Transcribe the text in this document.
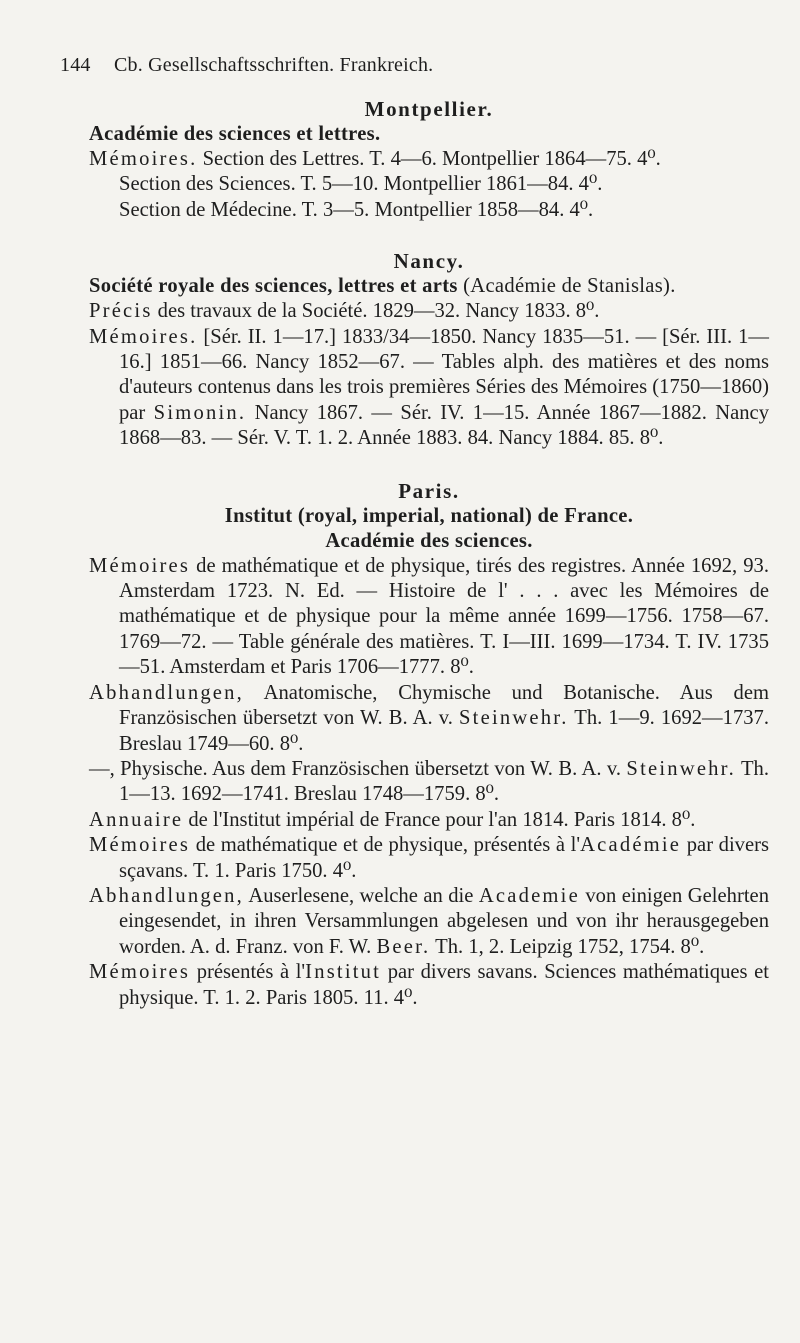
144 Cb. Gesellschaftsschriften. Frankreich.

Montpellier.

Académie des sciences et lettres.

Mémoires. Section des Lettres. T. 4—6. Montpellier 1864—75. 4⁰.

Section des Sciences. T. 5—10. Montpellier 1861—84. 4⁰.

Section de Médecine. T. 3—5. Montpellier 1858—84. 4⁰.

Nancy.

Société royale des sciences, lettres et arts (Académie de Stanislas).

Précis des travaux de la Société. 1829—32. Nancy 1833. 8⁰.

Mémoires. [Sér. II. 1—17.] 1833/34—1850. Nancy 1835—51. — [Sér. III. 1—16.] 1851—66. Nancy 1852—67. — Tables alph. des matières et des noms d'auteurs contenus dans les trois premières Séries des Mémoires (1750—1860) par Simonin. Nancy 1867. — Sér. IV. 1—15. Année 1867—1882. Nancy 1868—83. — Sér. V. T. 1. 2. Année 1883. 84. Nancy 1884. 85. 8⁰.

Paris.

Institut (royal, imperial, national) de France.

Académie des sciences.

Mémoires de mathématique et de physique, tirés des registres. Année 1692, 93. Amsterdam 1723. N. Ed. — Histoire de l' . . . avec les Mémoires de mathématique et de physique pour la même année 1699—1756. 1758—67. 1769—72. — Table générale des matières. T. I—III. 1699—1734. T. IV. 1735—51. Amsterdam et Paris 1706—1777. 8⁰.

Abhandlungen, Anatomische, Chymische und Botanische. Aus dem Französischen übersetzt von W. B. A. v. Steinwehr. Th. 1—9. 1692—1737. Breslau 1749—60. 8⁰.

—, Physische. Aus dem Französischen übersetzt von W. B. A. v. Steinwehr. Th. 1—13. 1692—1741. Breslau 1748—1759. 8⁰.

Annuaire de l'Institut impérial de France pour l'an 1814. Paris 1814. 8⁰.

Mémoires de mathématique et de physique, présentés à l'Académie par divers sçavans. T. 1. Paris 1750. 4⁰.

Abhandlungen, Auserlesene, welche an die Academie von einigen Gelehrten eingesendet, in ihren Versammlungen abgelesen und von ihr herausgegeben worden. A. d. Franz. von F. W. Beer. Th. 1, 2. Leipzig 1752, 1754. 8⁰.

Mémoires présentés à l'Institut par divers savans. Sciences mathématiques et physique. T. 1. 2. Paris 1805. 11. 4⁰.
